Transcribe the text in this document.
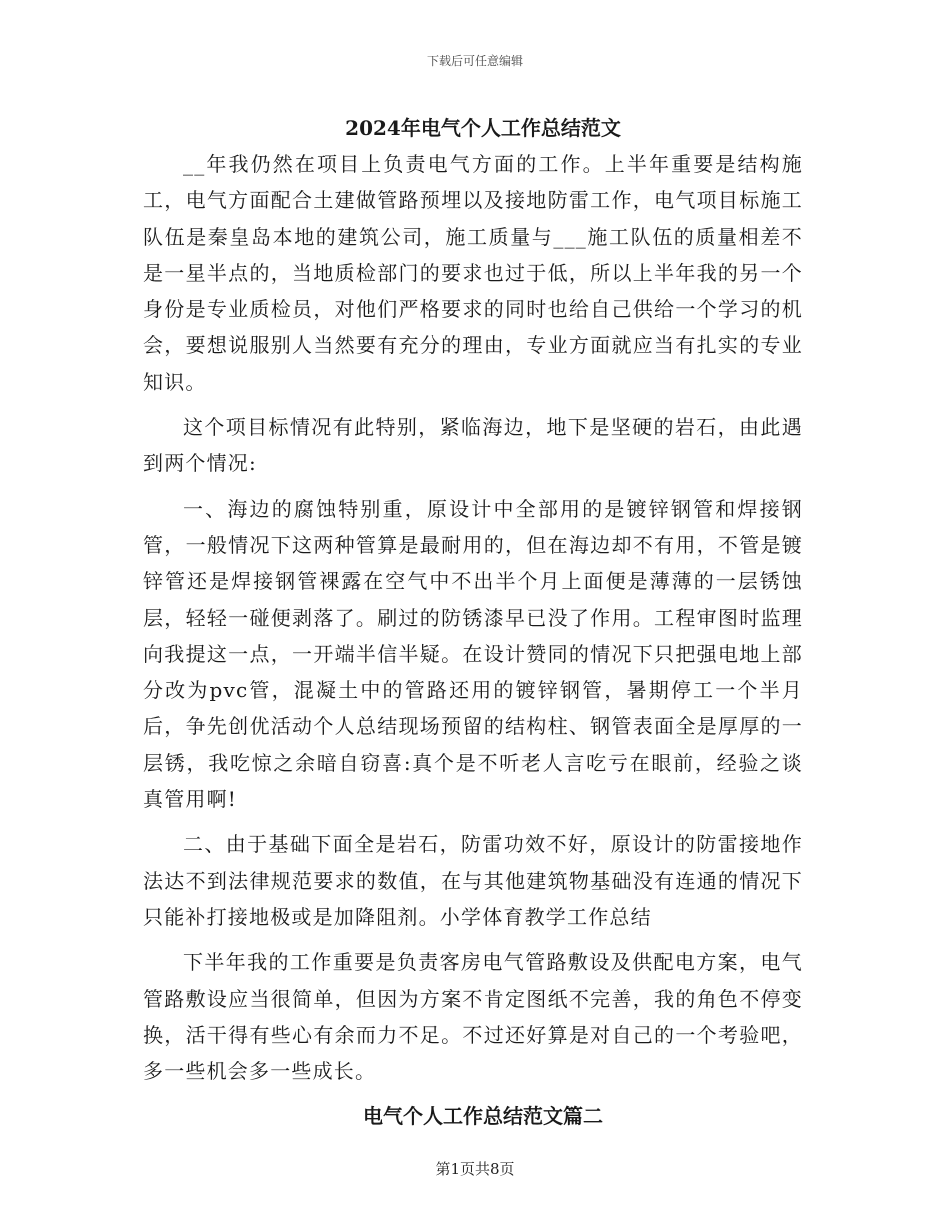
下载后可任意编辑
2024年电气个人工作总结范文

__年我仍然在项目上负责电气方面的工作。上半年重要是结构施工，电气方面配合土建做管路预埋以及接地防雷工作，电气项目标施工队伍是秦皇岛本地的建筑公司，施工质量与___施工队伍的质量相差不是一星半点的，当地质检部门的要求也过于低，所以上半年我的另一个身份是专业质检员，对他们严格要求的同时也给自己供给一个学习的机会，要想说服别人当然要有充分的理由，专业方面就应当有扎实的专业知识。

这个项目标情况有此特别，紧临海边，地下是坚硬的岩石，由此遇到两个情况:

一、海边的腐蚀特别重，原设计中全部用的是镀锌钢管和焊接钢管，一般情况下这两种管算是最耐用的，但在海边却不有用，不管是镀锌管还是焊接钢管裸露在空气中不出半个月上面便是薄薄的一层锈蚀层，轻轻一碰便剥落了。刷过的防锈漆早已没了作用。工程审图时监理向我提这一点，一开端半信半疑。在设计赞同的情况下只把强电地上部分改为pvc管，混凝土中的管路还用的镀锌钢管，暑期停工一个半月后，争先创优活动个人总结现场预留的结构柱、钢管表面全是厚厚的一层锈，我吃惊之余暗自窃喜:真个是不听老人言吃亏在眼前，经验之谈真管用啊!

二、由于基础下面全是岩石，防雷功效不好，原设计的防雷接地作法达不到法律规范要求的数值，在与其他建筑物基础没有连通的情况下只能补打接地极或是加降阻剂。小学体育教学工作总结

下半年我的工作重要是负责客房电气管路敷设及供配电方案，电气管路敷设应当很简单，但因为方案不肯定图纸不完善，我的角色不停变换，活干得有些心有余而力不足。不过还好算是对自己的一个考验吧，多一些机会多一些成长。

电气个人工作总结范文篇二
第1页共8页
